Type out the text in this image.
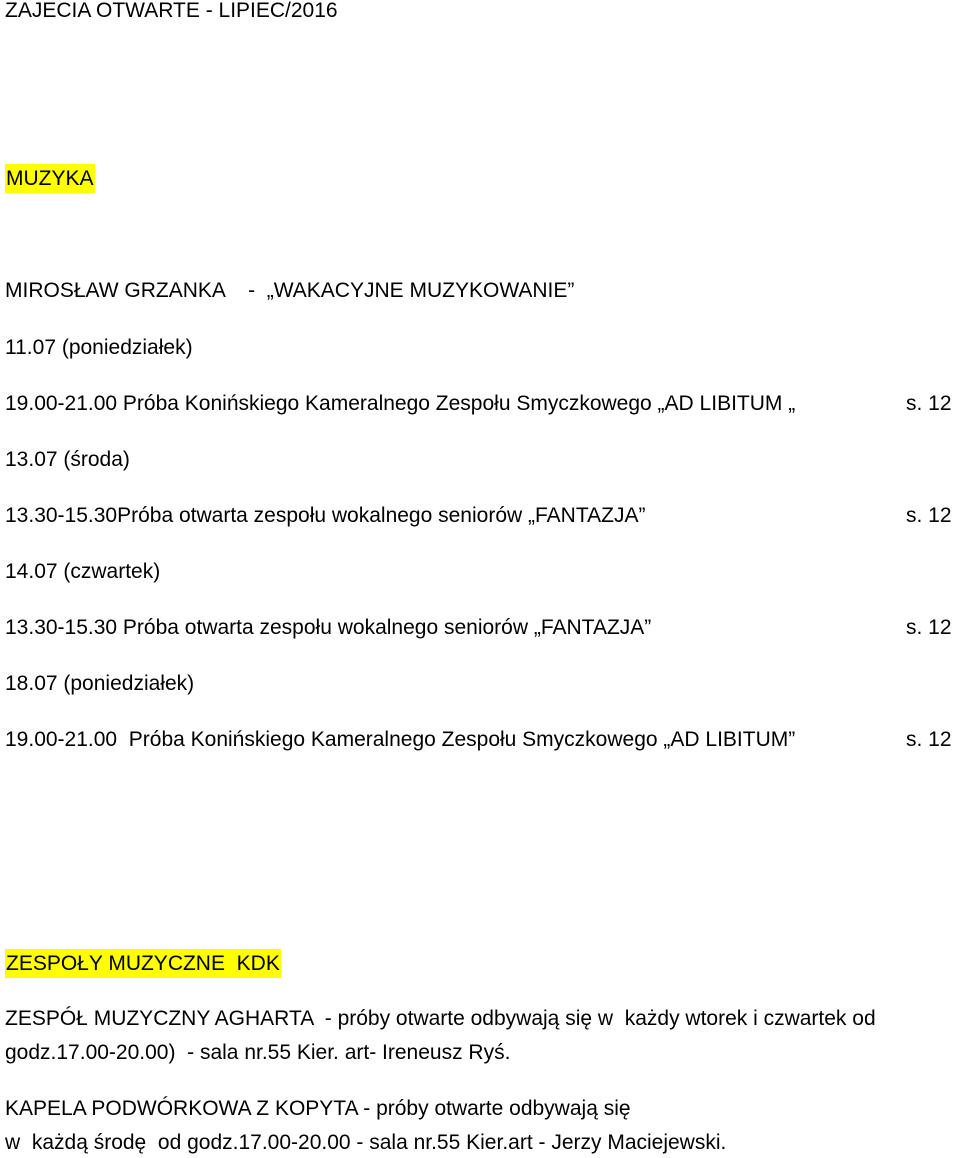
ZAJECIA OTWARTE - LIPIEC/2016
MUZYKA
MIROSŁAW GRZANKA    -  „WAKACYJNE MUZYKOWANIE”
11.07 (poniedziałek)
19.00-21.00 Próba Konińskiego Kameralnego Zespołu Smyczkowego „AD LIBITUM „	s. 12
13.07 (środa)
13.30-15.30Próba otwarta zespołu wokalnego seniorów „FANTAZJA”	s. 12
14.07 (czwartek)
13.30-15.30 Próba otwarta zespołu wokalnego seniorów „FANTAZJA”	s. 12
18.07 (poniedziałek)
19.00-21.00  Próba Konińskiego Kameralnego Zespołu Smyczkowego „AD LIBITUM”	s. 12
ZESPOŁY MUZYCZNE  KDK
ZESPÓŁ MUZYCZNY AGHARTA  - próby otwarte odbywają się w  każdy wtorek i czwartek od
godz.17.00-20.00)  - sala nr.55 Kier. art- Ireneusz Ryś.
KAPELA PODWÓRKOWA Z KOPYTA - próby otwarte odbywają się
w  każdą środę  od godz.17.00-20.00 - sala nr.55 Kier.art - Jerzy Maciejewski.
